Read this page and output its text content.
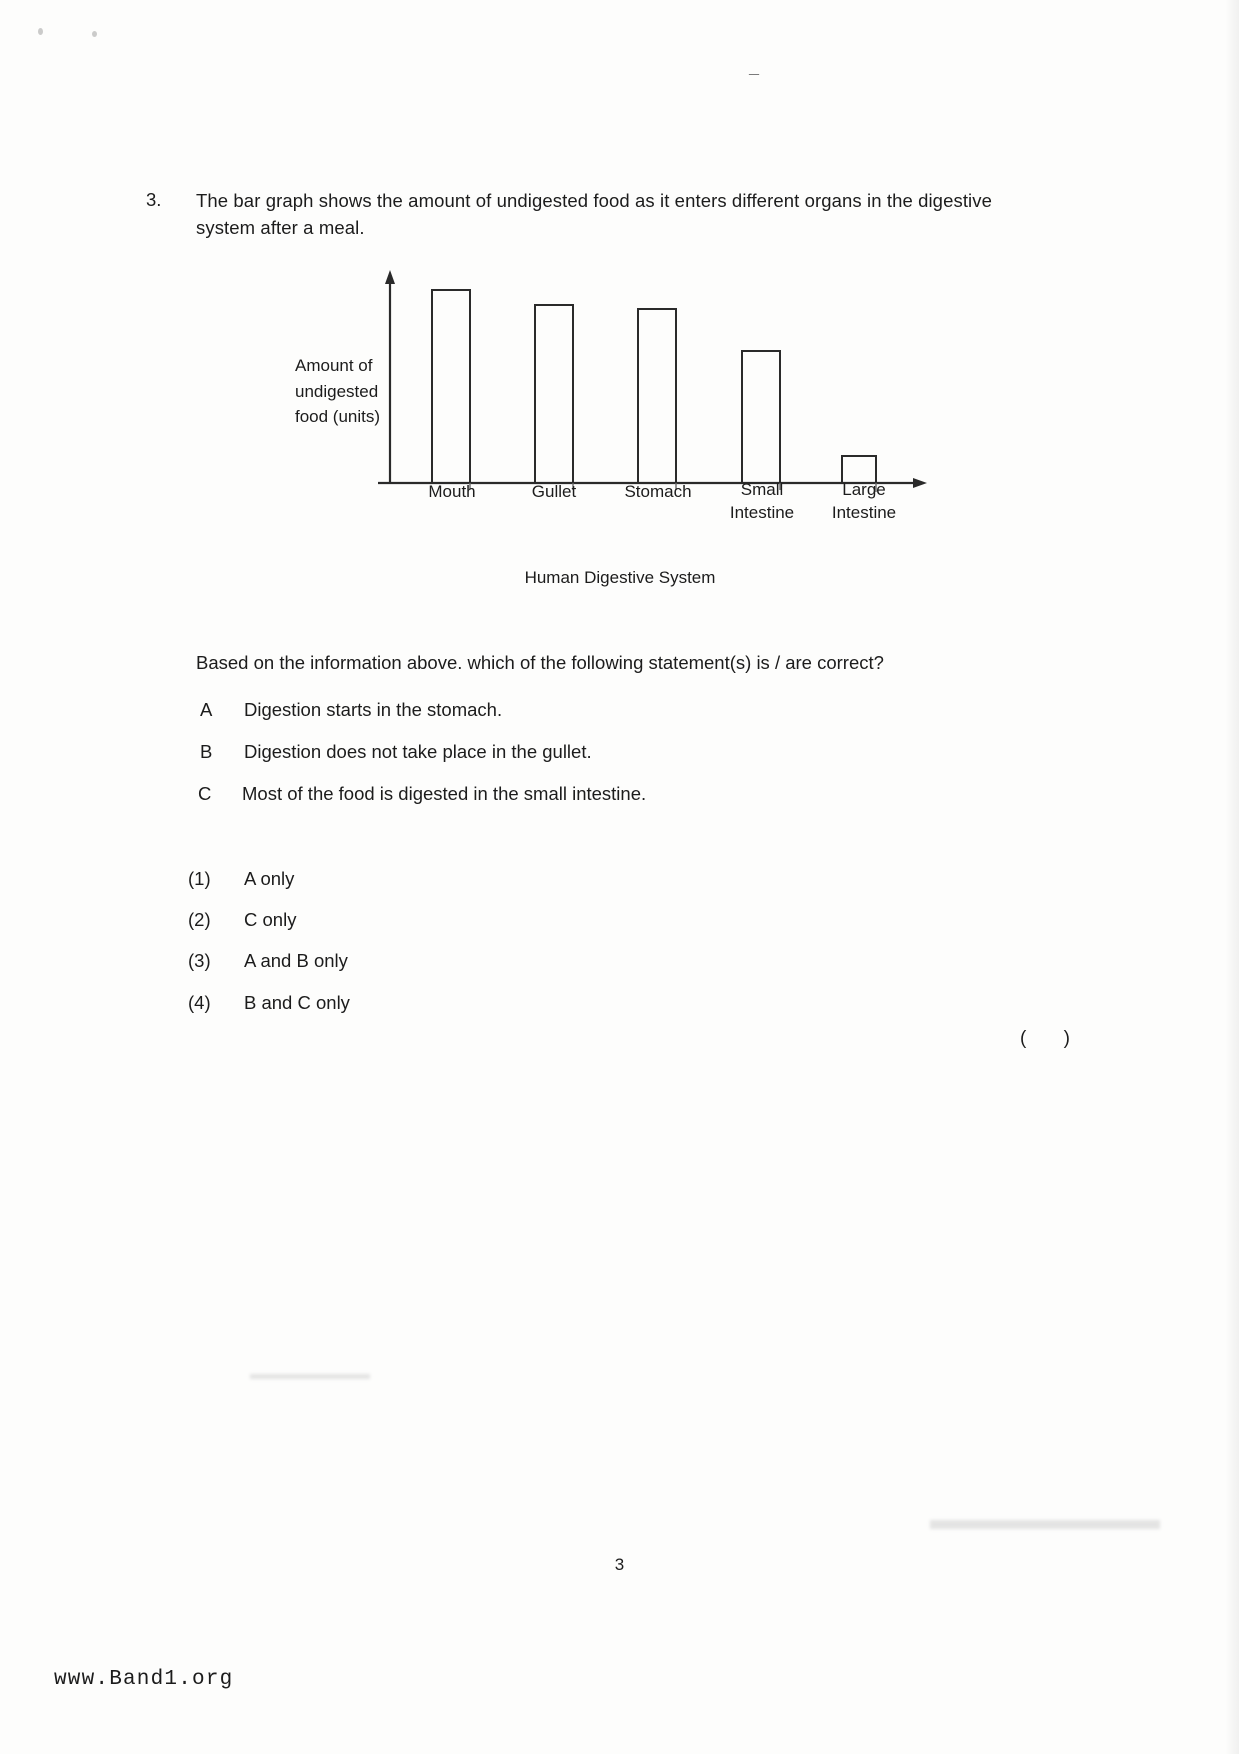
–
3. The bar graph shows the amount of undigested food as it enters different organs in the digestive system after a meal.
Amount of
undigested
food (units)
Mouth	Gullet	Stomach	Small
Intestine
Large
Intestine
Human Digestive System
Based on the information above. which of the following statement(s) is / are correct?
A Digestion starts in the stomach.
B Digestion does not take place in the gullet.
C Most of the food is digested in the small intestine.
(1) A only
(2) C only
(3) A and B only
(4) B and C only
( )
3
www.Band1.org
